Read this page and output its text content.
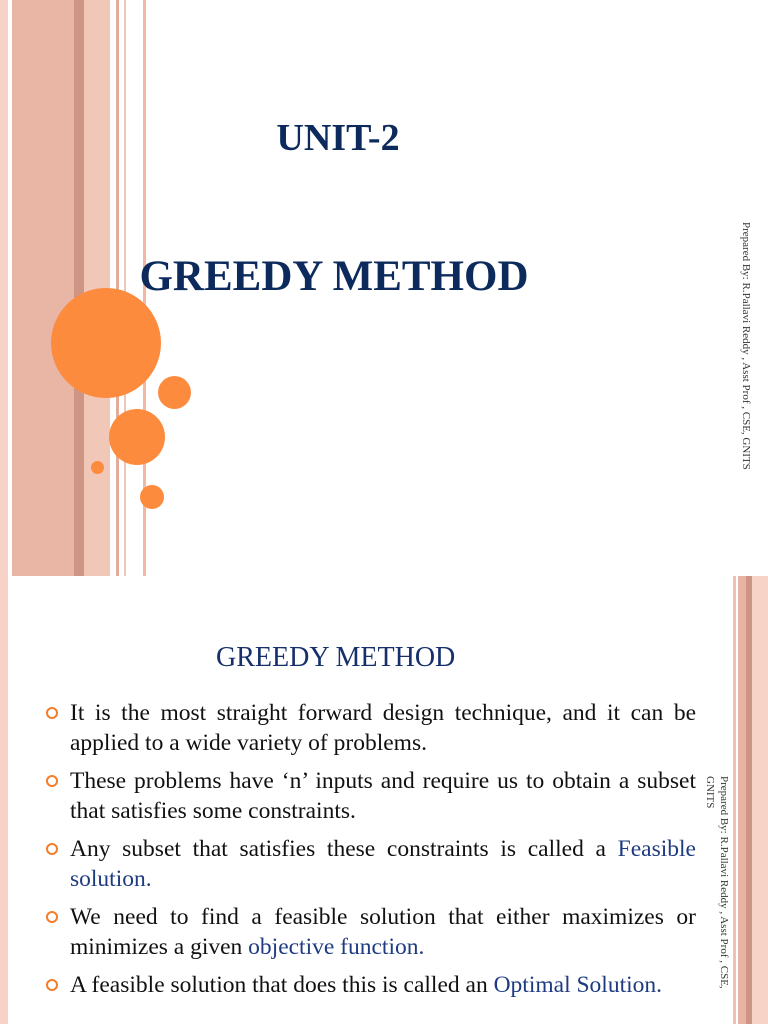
UNIT-2
GREEDY METHOD	Prepared By: R.Pallavi Reddy , Asst Prof , CSE, GNITS
GREEDY METHOD
It is the most straight forward design technique, and it can be applied to a wide variety of problems.
These problems have ‘n’ inputs and require us to obtain a subset that satisfies some constraints.
Any subset that satisfies these constraints is called a Feasible solution.
We need to find a feasible solution that either maximizes or minimizes a given objective function.
A feasible solution that does this is called an Optimal Solution.	Prepared By: R.Pallavi Reddy , Asst Prof , CSE,
GNITS
